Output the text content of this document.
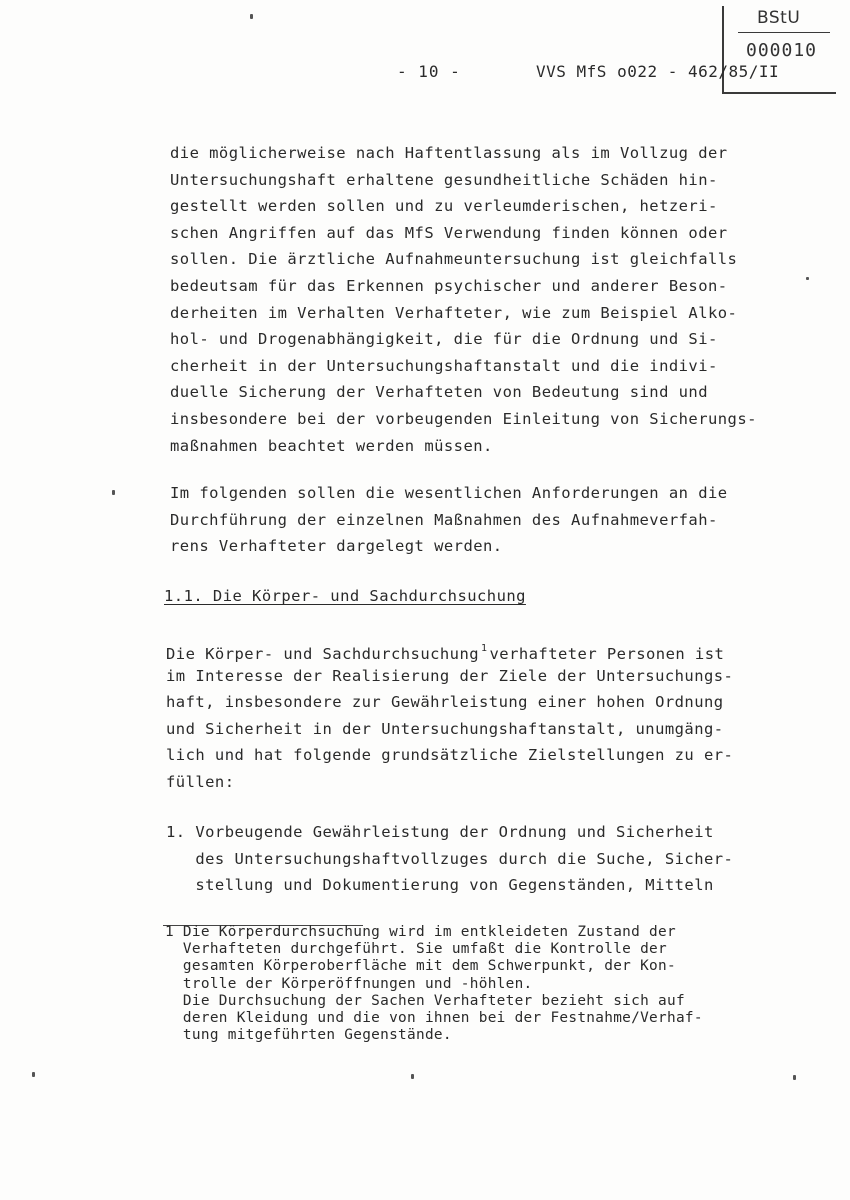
BStU
000010
- 10 -	VVS MfS o022 - 462/85/II
die möglicherweise nach Haftentlassung als im Vollzug der
Untersuchungshaft erhaltene gesundheitliche Schäden hin-
gestellt werden sollen und zu verleumderischen, hetzeri-
schen Angriffen auf das MfS Verwendung finden können oder
sollen. Die ärztliche Aufnahmeuntersuchung ist gleichfalls
bedeutsam für das Erkennen psychischer und anderer Beson-
derheiten im Verhalten Verhafteter, wie zum Beispiel Alko-
hol- und Drogenabhängigkeit, die für die Ordnung und Si-
cherheit in der Untersuchungshaftanstalt und die indivi-
duelle Sicherung der Verhafteten von Bedeutung sind und
insbesondere bei der vorbeugenden Einleitung von Sicherungs-
maßnahmen beachtet werden müssen.
Im folgenden sollen die wesentlichen Anforderungen an die
Durchführung der einzelnen Maßnahmen des Aufnahmeverfah-
rens Verhafteter dargelegt werden.
1.1. Die Körper- und Sachdurchsuchung
Die Körper- und Sachdurchsuchung $^1$ verhafteter Personen ist
im Interesse der Realisierung der Ziele der Untersuchungs-
haft, insbesondere zur Gewährleistung einer hohen Ordnung
und Sicherheit in der Untersuchungshaftanstalt, unumgäng-
lich und hat folgende grundsätzliche Zielstellungen zu er-
füllen:
1. Vorbeugende Gewährleistung der Ordnung und Sicherheit
des Untersuchungshaftvollzuges durch die Suche, Sicher-
stellung und Dokumentierung von Gegenständen, Mitteln
1 Die Körperdurchsuchung wird im entkleideten Zustand der
Verhafteten durchgeführt. Sie umfaßt die Kontrolle der
gesamten Körperoberfläche mit dem Schwerpunkt, der Kon-
trolle der Körperöffnungen und -höhlen.
Die Durchsuchung der Sachen Verhafteter bezieht sich auf
deren Kleidung und die von ihnen bei der Festnahme/Verhaf-
tung mitgeführten Gegenstände.
